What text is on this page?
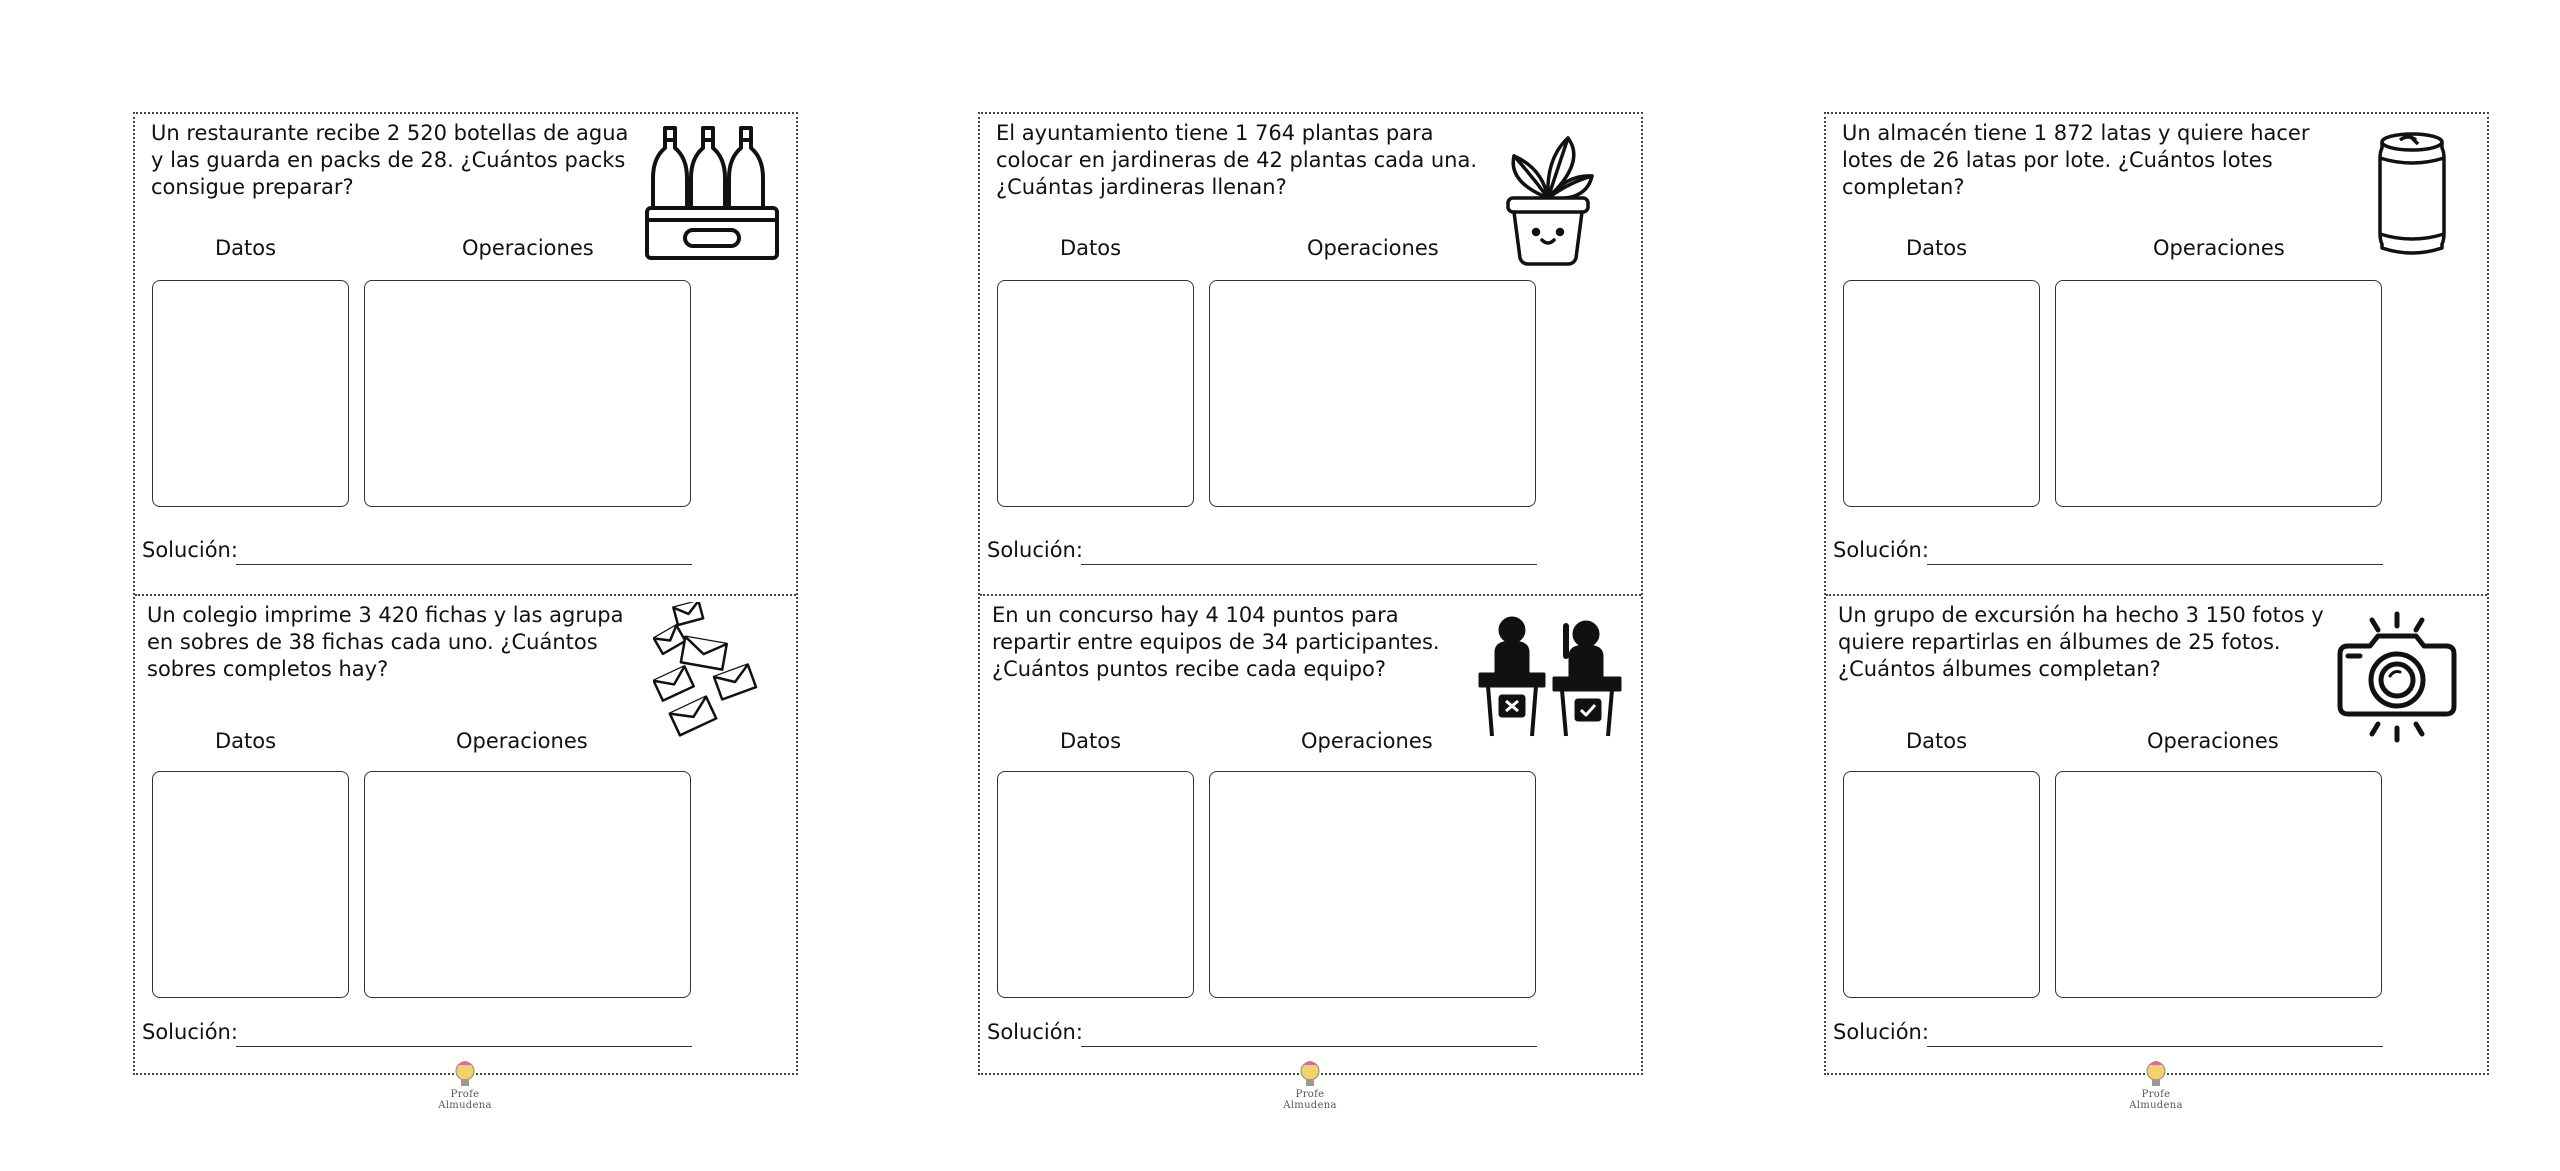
Un restaurante recibe 2 520 botellas de agua y las guarda en packs de 28. ¿Cuántos packs consigue preparar?

Datos	Operaciones
Solución:

Un colegio imprime 3 420 fichas y las agrupa en sobres de 38 fichas cada uno. ¿Cuántos sobres completos hay?

Datos	Operaciones
Solución:
Profe Almudena

El ayuntamiento tiene 1 764 plantas para colocar en jardineras de 42 plantas cada una. ¿Cuántas jardineras llenan?

Datos	Operaciones
Solución:

En un concurso hay 4 104 puntos para repartir entre equipos de 34 participantes. ¿Cuántos puntos recibe cada equipo?

Datos	Operaciones
Solución:
Profe Almudena

Un almacén tiene 1 872 latas y quiere hacer lotes de 26 latas por lote. ¿Cuántos lotes completan?

Datos	Operaciones
Solución:

Un grupo de excursión ha hecho 3 150 fotos y quiere repartirlas en álbumes de 25 fotos. ¿Cuántos álbumes completan?

Datos	Operaciones
Solución:
Profe Almudena
